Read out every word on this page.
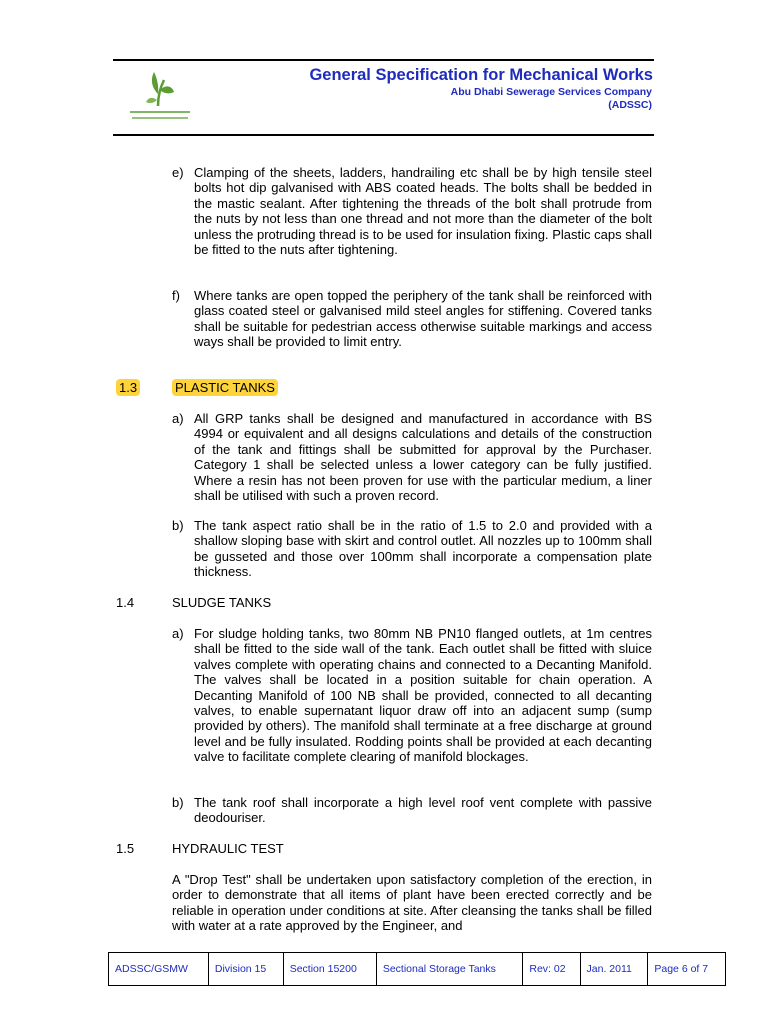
General Specification for Mechanical Works
Abu Dhabi Sewerage Services Company
(ADSSC)
e) Clamping of the sheets, ladders, handrailing etc shall be by high tensile steel bolts hot dip galvanised with ABS coated heads. The bolts shall be bedded in the mastic sealant. After tightening the threads of the bolt shall protrude from the nuts by not less than one thread and not more than the diameter of the bolt unless the protruding thread is to be used for insulation fixing. Plastic caps shall be fitted to the nuts after tightening.
f) Where tanks are open topped the periphery of the tank shall be reinforced with glass coated steel or galvanised mild steel angles for stiffening. Covered tanks shall be suitable for pedestrian access otherwise suitable markings and access ways shall be provided to limit entry.
1.3	PLASTIC TANKS
a) All GRP tanks shall be designed and manufactured in accordance with BS 4994 or equivalent and all designs calculations and details of the construction of the tank and fittings shall be submitted for approval by the Purchaser. Category 1 shall be selected unless a lower category can be fully justified. Where a resin has not been proven for use with the particular medium, a liner shall be utilised with such a proven record.
b) The tank aspect ratio shall be in the ratio of 1.5 to 2.0 and provided with a shallow sloping base with skirt and control outlet. All nozzles up to 100mm shall be gusseted and those over 100mm shall incorporate a compensation plate thickness.
1.4	SLUDGE TANKS
a) For sludge holding tanks, two 80mm NB PN10 flanged outlets, at 1m centres shall be fitted to the side wall of the tank. Each outlet shall be fitted with sluice valves complete with operating chains and connected to a Decanting Manifold. The valves shall be located in a position suitable for chain operation. A Decanting Manifold of 100 NB shall be provided, connected to all decanting valves, to enable supernatant liquor draw off into an adjacent sump (sump provided by others). The manifold shall terminate at a free discharge at ground level and be fully insulated. Rodding points shall be provided at each decanting valve to facilitate complete clearing of manifold blockages.
b) The tank roof shall incorporate a high level roof vent complete with passive deodouriser.
1.5	HYDRAULIC TEST
A "Drop Test" shall be undertaken upon satisfactory completion of the erection, in order to demonstrate that all items of plant have been erected correctly and be reliable in operation under conditions at site. After cleansing the tanks shall be filled with water at a rate approved by the Engineer, and
ADSSC/GSMW	Division 15	Section 15200	Sectional Storage Tanks	Rev: 02	Jan. 2011	Page 6 of 7
